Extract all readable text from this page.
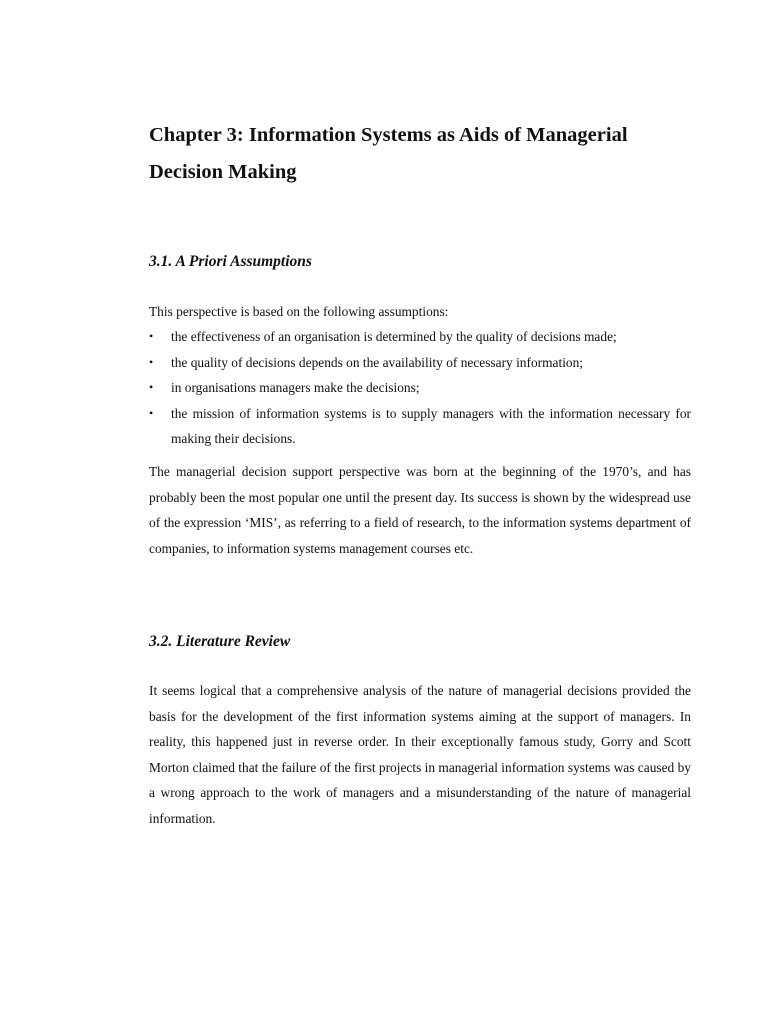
Chapter 3: Information Systems as Aids of Managerial Decision Making
3.1. A Priori Assumptions

This perspective is based on the following assumptions:

• the effectiveness of an organisation is determined by the quality of decisions made;
• the quality of decisions depends on the availability of necessary information;
• in organisations managers make the decisions;
• the mission of information systems is to supply managers with the information necessary for making their decisions.

The managerial decision support perspective was born at the beginning of the 1970’s, and has probably been the most popular one until the present day. Its success is shown by the widespread use of the expression ‘MIS’, as referring to a field of research, to the information systems department of companies, to information systems management courses etc.

3.2. Literature Review

It seems logical that a comprehensive analysis of the nature of managerial decisions provided the basis for the development of the first information systems aiming at the support of managers. In reality, this happened just in reverse order. In their exceptionally famous study, Gorry and Scott Morton claimed that the failure of the first projects in managerial information systems was caused by a wrong approach to the work of managers and a misunderstanding of the nature of managerial information.
